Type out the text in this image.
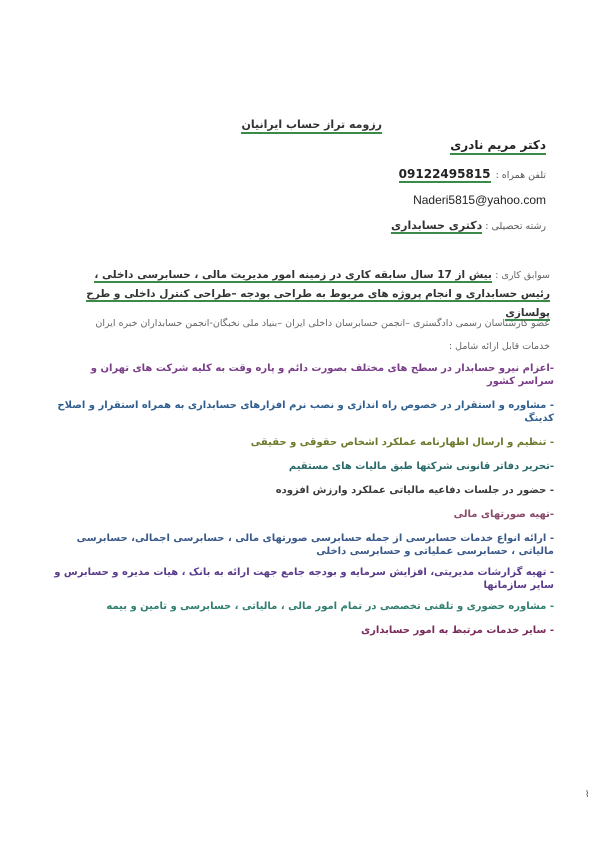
رزومه تراز حساب ایرانیان
دکتر مریم نادری
تلفن همراه : 09122495815
Naderi5815@yahoo.com
رشته تحصیلی : دکتری حسابداری
سوابق کاری : بیش از 17 سال سابقه کاری در زمینه امور مدیریت مالی ، حسابرسی داخلی ، رئیس حسابداری و انجام پروژه های مربوط به طراحی بودجه –طراحی کنترل داخلی و طرح پولسازی
عضو کارشناسان رسمی دادگستری –انجمن حسابرسان داخلی ایران –بنیاد ملی نخبگان-انجمن حسابداران خبره ایران
خدمات قابل ارائه شامل :
-اعزام نیرو حسابدار در سطح های مختلف بصورت دائم و پاره وقت به کلیه شرکت های تهران و سراسر کشور
- مشاوره و استقرار در خصوص راه اندازی و نصب نرم افزارهای حسابداری به همراه استقرار و اصلاح کدینگ
- تنظیم و ارسال اظهارنامه عملکرد اشخاص حقوقی و حقیقی
-تحریر دفاتر قانونی شرکتها طبق مالیات های مستقیم
- حضور در جلسات دفاعیه مالیاتی عملکرد وارزش افزوده
-تهیه صورتهای مالی
- ارائه انواع خدمات حسابرسی از جمله حسابرسی صورتهای مالی ، حسابرسی اجمالی، حسابرسی مالیاتی ، حسابرسی عملیاتی و حسابرسی داخلی
- تهیه گزارشات مدیریتی، افزایش سرمایه و بودجه جامع جهت ارائه به بانک ، هیات مدیره و حسابرس و سایر سازمانها
- مشاوره حضوری و تلفنی تخصصی در تمام امور مالی ، مالیاتی ، حسابرسی و تامین و بیمه
- سایر خدمات مرتبط به امور حسابداری
⌇
